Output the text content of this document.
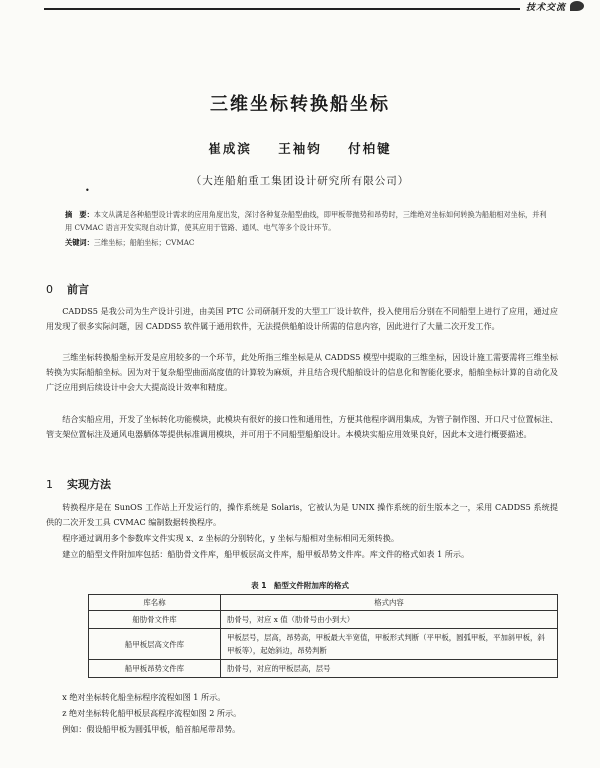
技术交流
三维坐标转换船坐标
崔成滨 王袖钧 付柏键
（大连船舶重工集团设计研究所有限公司）
•

摘　要：本文从满足各种船型设计需求的应用角度出发，深讨各种复杂船型曲线，即甲板带抛势和昂势时，三维绝对坐标如何转换为船舶相对坐标，并利用 CVMAC 语言开发实现自动计算，使其应用于管路、通风、电气等多个设计环节。

关键词：三维坐标；船舶坐标；CVMAC

0 前言

CADDS5 是我公司为生产设计引进，由美国 PTC 公司研制开发的大型工厂设计软件，投入使用后分别在不同船型上进行了应用，通过应用发现了很多实际问题，因 CADDS5 软件属于通用软件，无法提供船舶设计所需的信息内容，因此进行了大量二次开发工作。

三维坐标转换船坐标开发是应用较多的一个环节，此处所指三维坐标是从 CADDS5 模型中提取的三维坐标，因设计施工需要需将三维坐标转换为实际船舶坐标。因为对于复杂船型曲面高度值的计算较为麻烦，并且结合现代船舶设计的信息化和智能化要求，船舶坐标计算的自动化及广泛应用到后续设计中会大大提高设计效率和精度。

结合实船应用，开发了坐标转化功能模块，此模块有很好的接口性和通用性，方便其他程序调用集成，为管子制作图、开口尺寸位置标注、管支架位置标注及通风电器舾体等提供标准调用模块，并可用于不同船型船舶设计。本模块实船应用效果良好，因此本文进行概要描述。

1 实现方法

转换程序是在 SunOS 工作站上开发运行的，操作系统是 Solaris，它被认为是 UNIX 操作系统的衍生版本之一，采用 CADDS5 系统提供的二次开发工具 CVMAC 编制数据转换程序。

程序通过调用多个参数库文件实现 x、z 坐标的分别转化，y 坐标与船相对坐标相同无须转换。

建立的船型文件附加库包括：船肋骨文件库，船甲板层高文件库，船甲板昂势文件库。库文件的格式如表 1 所示。

表 1　船型文件附加库的格式
库名称	格式内容
船肋骨文件库	肋骨号，对应 x 值（肋骨号由小到大）
船甲板层高文件库	甲板层号，层高，昂势高，甲板最大半宽值，甲板形式判断（平甲板，圆弧甲板，平加斜甲板，斜甲板等），起始斜边，昂势判断
船甲板昂势文件库	肋骨号，对应的甲板层高，层号

x 绝对坐标转化船坐标程序流程如图 1 所示。

z 绝对坐标转化船甲板层高程序流程如图 2 所示。

例如：假设船甲板为圆弧甲板，船首舶尾带昂势。
